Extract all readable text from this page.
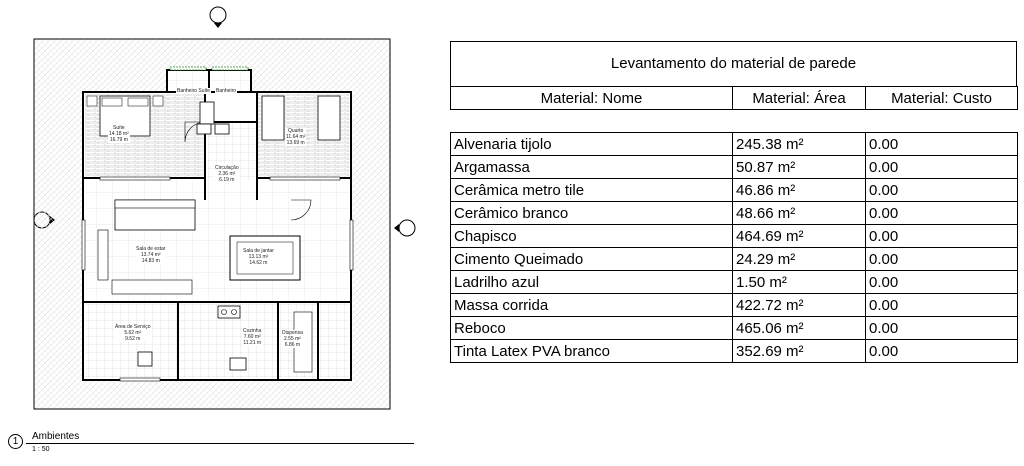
Suíte
14.18 m²
16.79 m
Banheiro Suíte Banheiro
Quarto
11.64 m²
13.69 m
Circulação
2.36 m²
6.19 m
Sala de estar
13.74 m²
14.83 m
Sala de jantar
13.13 m²
14.62 m
Área de Serviço
5.62 m²
9.52 m
Cozinha
7.60 m²
11.21 m
Dispensa
2.55 m²
6.86 m
1	Ambientes
1 : 50
Levantamento do material de parede
Material: Nome	Material: Área	Material: Custo

Alvenaria tijolo	245.38 m²	0.00
Argamassa	50.87 m²	0.00
Cerâmica metro tile	46.86 m²	0.00
Cerâmico branco	48.66 m²	0.00
Chapisco	464.69 m²	0.00
Cimento Queimado	24.29 m²	0.00
Ladrilho azul	1.50 m²	0.00
Massa corrida	422.72 m²	0.00
Reboco	465.06 m²	0.00
Tinta Latex PVA branco	352.69 m²	0.00
